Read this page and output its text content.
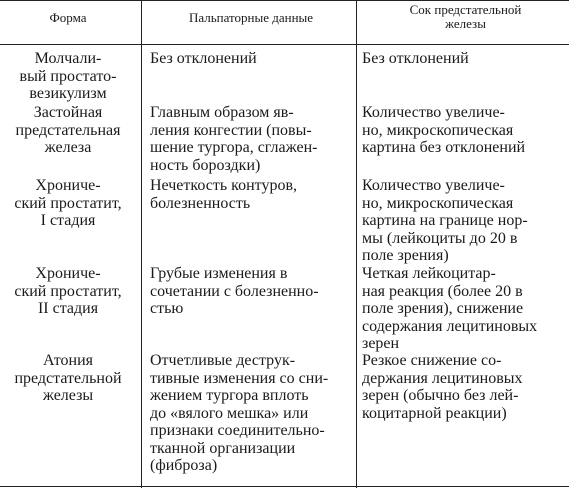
Форма	Пальпаторные данные
Сок предстательной
железы
Молчали-
вый простато-
везикулизм
Без отклонений	Без отклонений
Застойная
предстательная
железа
Главным образом яв-
ления конгестии (повы-
шение тургора, сглажен-
ность бороздки)
Количество увеличе-
но, микроскопическая
картина без отклонений
Хрониче-
ский простатит,
I стадия
Нечеткость контуров,
болезненность
Количество увеличе-
но, микроскопическая
картина на границе нор-
мы (лейкоциты до 20 в
поле зрения)
Хрониче-
ский простатит,
II стадия
Грубые изменения в
сочетании с болезненно-
стью
Четкая лейкоцитар-
ная реакция (более 20 в
поле зрения), снижение
содержания лецитиновых
зерен
Атония
предстательной
железы
Отчетливые деструк-
тивные изменения со сни-
жением тургора вплоть
до «вялого мешка» или
признаки соединительно-
тканной организации
(фиброза)
Резкое снижение со-
держания лецитиновых
зерен (обычно без лей-
коцитарной реакции)
